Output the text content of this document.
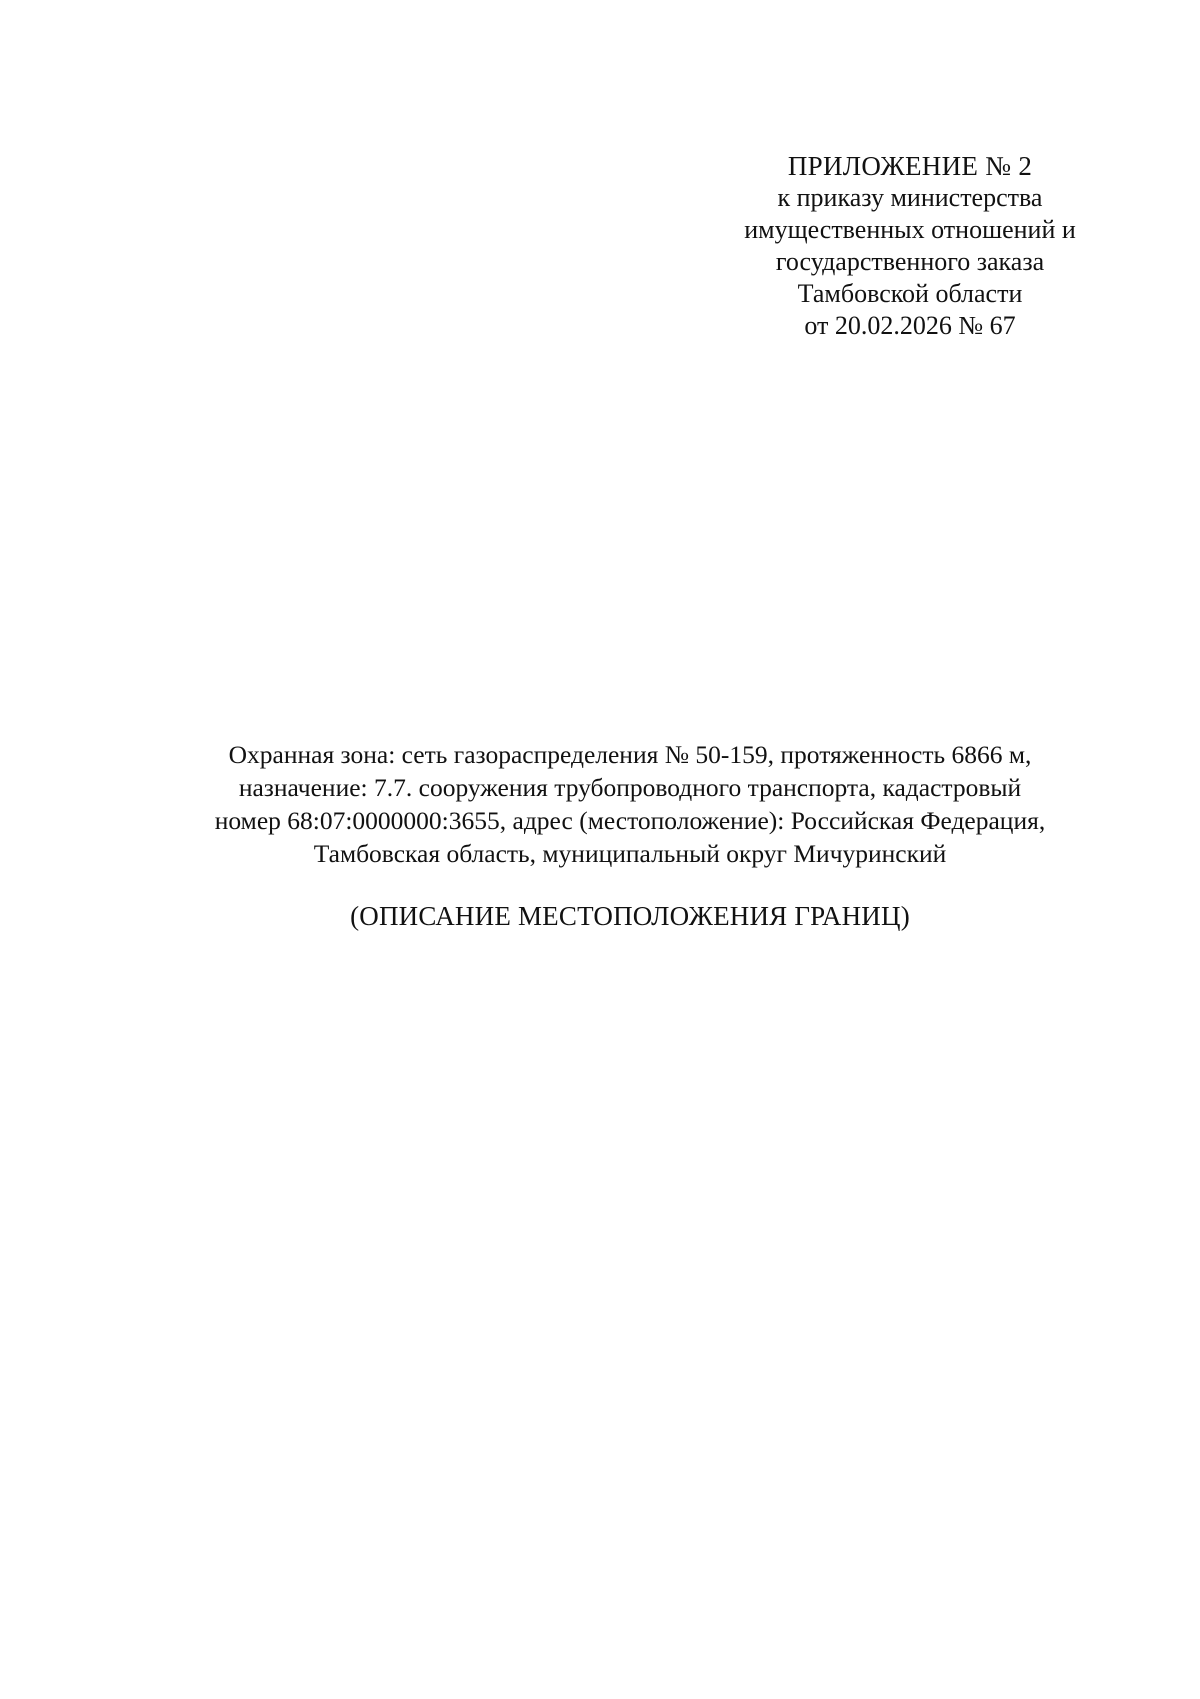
ПРИЛОЖЕНИЕ № 2
к приказу министерства
имущественных отношений и
государственного заказа
Тамбовской области
от 20.02.2026 № 67
Охранная зона: сеть газораспределения № 50-159, протяженность 6866 м,
назначение: 7.7. сооружения трубопроводного транспорта, кадастровый
номер 68:07:0000000:3655, адрес (местоположение): Российская Федерация,
Тамбовская область, муниципальный округ Мичуринский
(ОПИСАНИЕ МЕСТОПОЛОЖЕНИЯ ГРАНИЦ)
